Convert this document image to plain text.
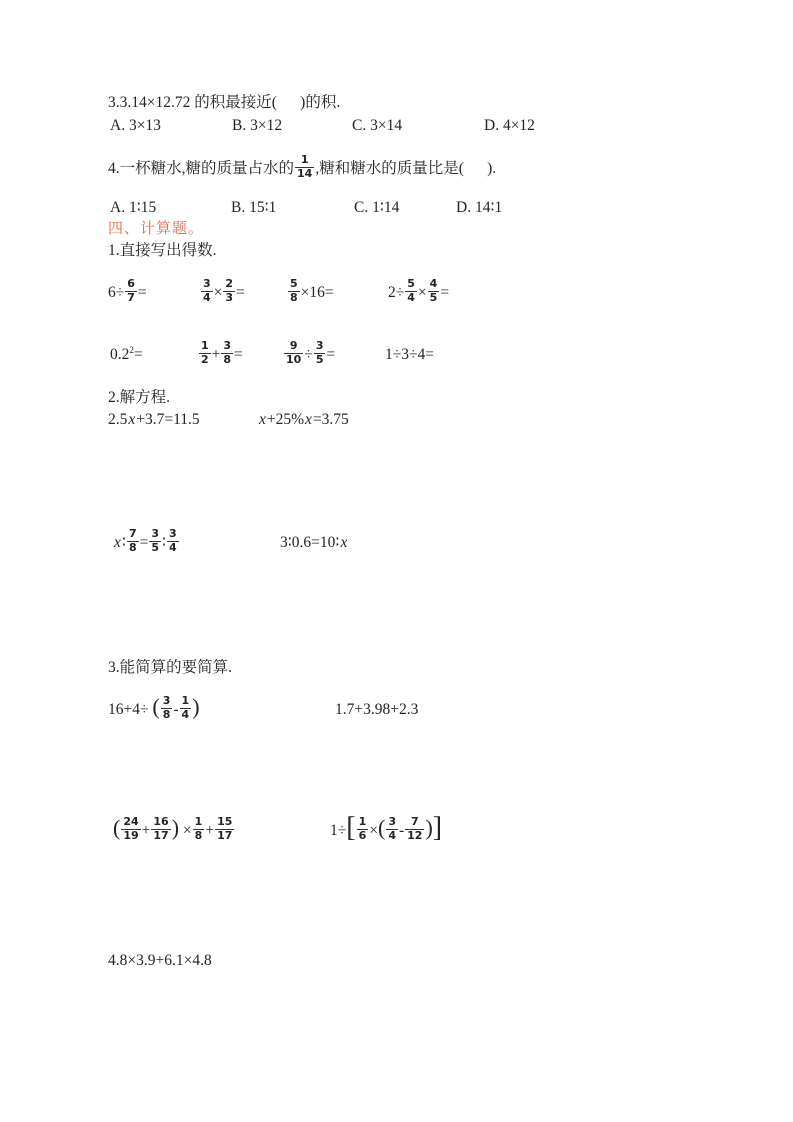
3.3.14×12.72 的积最接近(      )的积.
A. 3×13	B. 3×12	C. 3×14	D. 4×12
4.一杯糖水,糖的质量占水的 $\frac{1}{14}$ ,糖和糖水的质量比是(      ).
A. 1∶15	B. 15∶1	C. 1∶14	D. 14∶1
四、计算题。
1.直接写出得数.
$6\div \frac{6}{7}$ =	$\frac{3}{4} \times \frac{2}{3}$ =	$\frac{5}{8} \times 16=$	$2\div \frac{5}{4} \times \frac{4}{5}$ =
$0.2^2=$	$\frac{1}{2} + \frac{3}{8}$ =	$\frac{9}{10} \div \frac{3}{5}$ =	1÷3÷4=
2.解方程.
2.5x+3.7=11.5	x+25%x=3.75
x∶ $\frac{7}{8} = \frac{3}{5}$ ∶ $\frac{3}{4}$	3∶0.6=10∶x
3.能简算的要简算.
16+4÷ ( $\frac{3}{8} - \frac{1}{4}$ )	1.7+3.98+2.3
( $\frac{24}{19} + \frac{16}{17}$ ) × $\frac{1}{8} + \frac{15}{17}$	$1\div[ \frac{1}{6}$ ×( $\frac{3}{4} - \frac{7}{12}$ )]
4.8×3.9+6.1×4.8
